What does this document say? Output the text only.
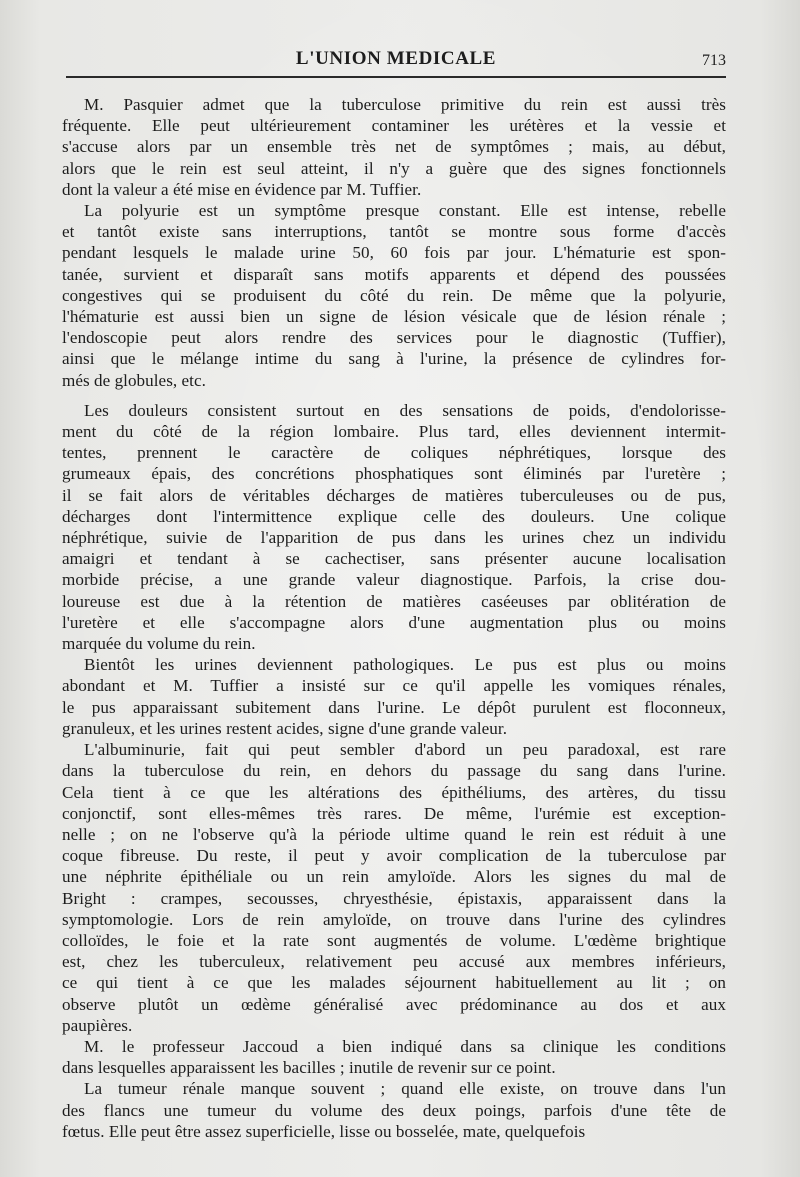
L'UNION MEDICALE	713
M. Pasquier admet que la tuberculose primitive du rein est aussi très
fréquente. Elle peut ultérieurement contaminer les urétères et la vessie et
s'accuse alors par un ensemble très net de symptômes ; mais, au début,
alors que le rein est seul atteint, il n'y a guère que des signes fonctionnels
dont la valeur a été mise en évidence par M. Tuffier.
La polyurie est un symptôme presque constant. Elle est intense, rebelle
et tantôt existe sans interruptions, tantôt se montre sous forme d'accès
pendant lesquels le malade urine 50, 60 fois par jour. L'hématurie est spon-
tanée, survient et disparaît sans motifs apparents et dépend des poussées
congestives qui se produisent du côté du rein. De même que la polyurie,
l'hématurie est aussi bien un signe de lésion vésicale que de lésion rénale ;
l'endoscopie peut alors rendre des services pour le diagnostic (Tuffier),
ainsi que le mélange intime du sang à l'urine, la présence de cylindres for-
més de globules, etc.
Les douleurs consistent surtout en des sensations de poids, d'endolorisse-
ment du côté de la région lombaire. Plus tard, elles deviennent intermit-
tentes, prennent le caractère de coliques néphrétiques, lorsque des
grumeaux épais, des concrétions phosphatiques sont éliminés par l'uretère ;
il se fait alors de véritables décharges de matières tuberculeuses ou de pus,
décharges dont l'intermittence explique celle des douleurs. Une colique
néphrétique, suivie de l'apparition de pus dans les urines chez un individu
amaigri et tendant à se cachectiser, sans présenter aucune localisation
morbide précise, a une grande valeur diagnostique. Parfois, la crise dou-
loureuse est due à la rétention de matières caséeuses par oblitération de
l'uretère et elle s'accompagne alors d'une augmentation plus ou moins
marquée du volume du rein.
Bientôt les urines deviennent pathologiques. Le pus est plus ou moins
abondant et M. Tuffier a insisté sur ce qu'il appelle les vomiques rénales,
le pus apparaissant subitement dans l'urine. Le dépôt purulent est floconneux,
granuleux, et les urines restent acides, signe d'une grande valeur.
L'albuminurie, fait qui peut sembler d'abord un peu paradoxal, est rare
dans la tuberculose du rein, en dehors du passage du sang dans l'urine.
Cela tient à ce que les altérations des épithéliums, des artères, du tissu
conjonctif, sont elles-mêmes très rares. De même, l'urémie est exception-
nelle ; on ne l'observe qu'à la période ultime quand le rein est réduit à une
coque fibreuse. Du reste, il peut y avoir complication de la tuberculose par
une néphrite épithéliale ou un rein amyloïde. Alors les signes du mal de
Bright : crampes, secousses, chryesthésie, épistaxis, apparaissent dans la
symptomologie. Lors de rein amyloïde, on trouve dans l'urine des cylindres
colloïdes, le foie et la rate sont augmentés de volume. L'œdème brightique
est, chez les tuberculeux, relativement peu accusé aux membres inférieurs,
ce qui tient à ce que les malades séjournent habituellement au lit ; on
observe plutôt un œdème généralisé avec prédominance au dos et aux
paupières.
M. le professeur Jaccoud a bien indiqué dans sa clinique les conditions
dans lesquelles apparaissent les bacilles ; inutile de revenir sur ce point.
La tumeur rénale manque souvent ; quand elle existe, on trouve dans l'un
des flancs une tumeur du volume des deux poings, parfois d'une tête de
fœtus. Elle peut être assez superficielle, lisse ou bosselée, mate, quelquefois
